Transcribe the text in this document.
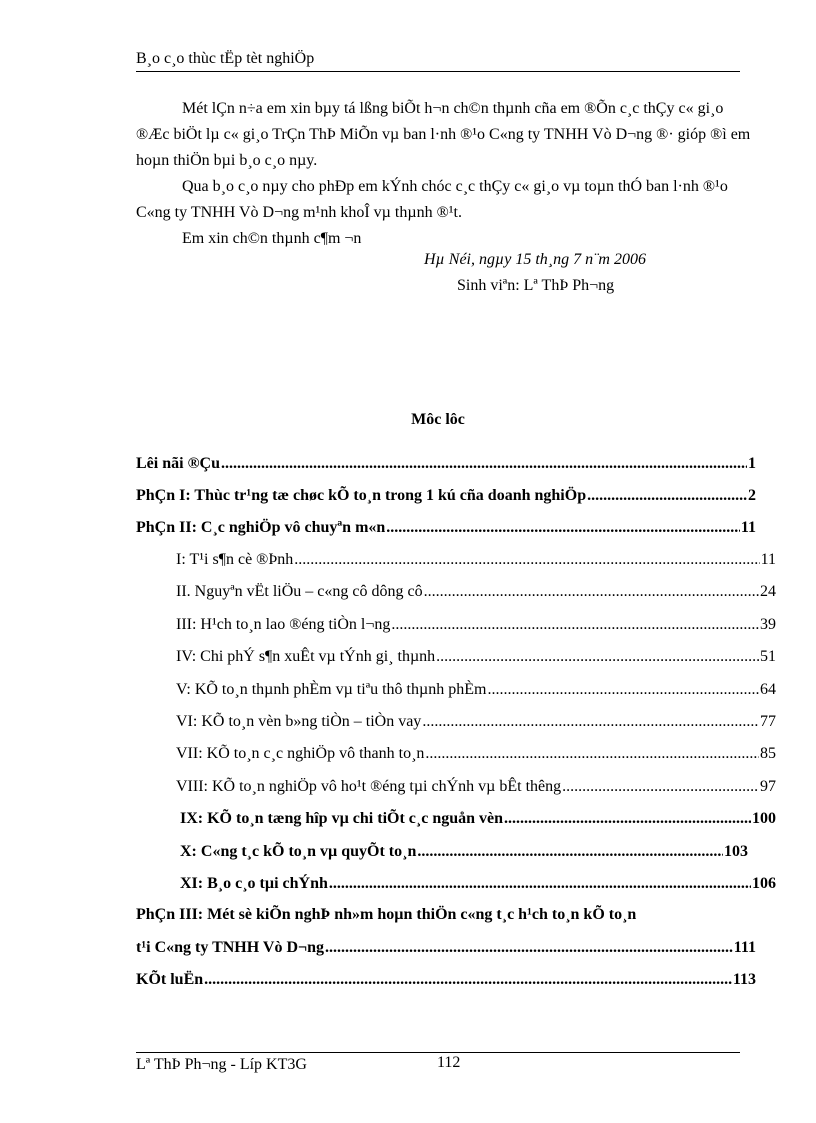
B¸o c¸o thùc tËp tèt nghiÖp
Mét lÇn n÷a em xin bµy tá lßng biÕt h¬n ch©n thµnh cña em ®Õn c¸c thÇy c« gi¸o ®Æc biÖt lµ c« gi¸o TrÇn ThÞ MiÕn vµ ban l·nh ®¹o C«ng ty TNHH Vò D¬ng ®· gióp ®ì em hoµn thiÖn bµi b¸o c¸o nµy.
Qua b¸o c¸o nµy cho phÐp em kÝnh chóc c¸c thÇy c« gi¸o vµ toµn thÓ ban l·nh ®¹o C«ng ty TNHH Vò D¬ng m¹nh khoÎ vµ thµnh ®¹t.
Em xin ch©n thµnh c¶m ¬n
Hµ Néi, ngµy 15 th¸ng 7 n¨m 2006
Sinh viªn: Lª ThÞ Ph¬ng
Môc lôc
Lêi nãi ®Çu .....	1
PhÇn I: Thùc tr¹ng tæ chøc kÕ to¸n trong 1 kú cña doanh nghiÖp .....	2
PhÇn II: C¸c nghiÖp vô chuyªn m«n .....	11
I: T¹i s¶n cè ®Þnh .....	11
II. Nguyªn vËt liÖu – c«ng cô dông cô .....	24
III: H¹ch to¸n lao ®éng tiÒn l¬ng .....	39
IV: Chi phÝ s¶n xuÊt vµ tÝnh gi¸ thµnh .....	51
V: KÕ to¸n thµnh phÈm vµ tiªu thô thµnh phÈm .....	64
VI: KÕ to¸n vèn b»ng tiÒn – tiÒn vay .....	77
VII: KÕ to¸n c¸c nghiÖp vô thanh to¸n .....	85
VIII: KÕ to¸n nghiÖp vô ho¹t ®éng tµi chÝnh vµ bÊt thêng .....	97
IX: KÕ to¸n tæng hîp vµ chi tiÕt c¸c nguån vèn .....	100
X: C«ng t¸c kÕ to¸n vµ quyÕt to¸n .....	103
XI: B¸o c¸o tµi chÝnh .....	106
PhÇn III: Mét sè kiÕn nghÞ nh»m hoµn thiÖn c«ng t¸c h¹ch to¸n kÕ to¸n
t¹i C«ng ty TNHH Vò D¬ng .....	111
KÕt luËn .....	113
Lª ThÞ Ph¬ng - Líp KT3G	112
